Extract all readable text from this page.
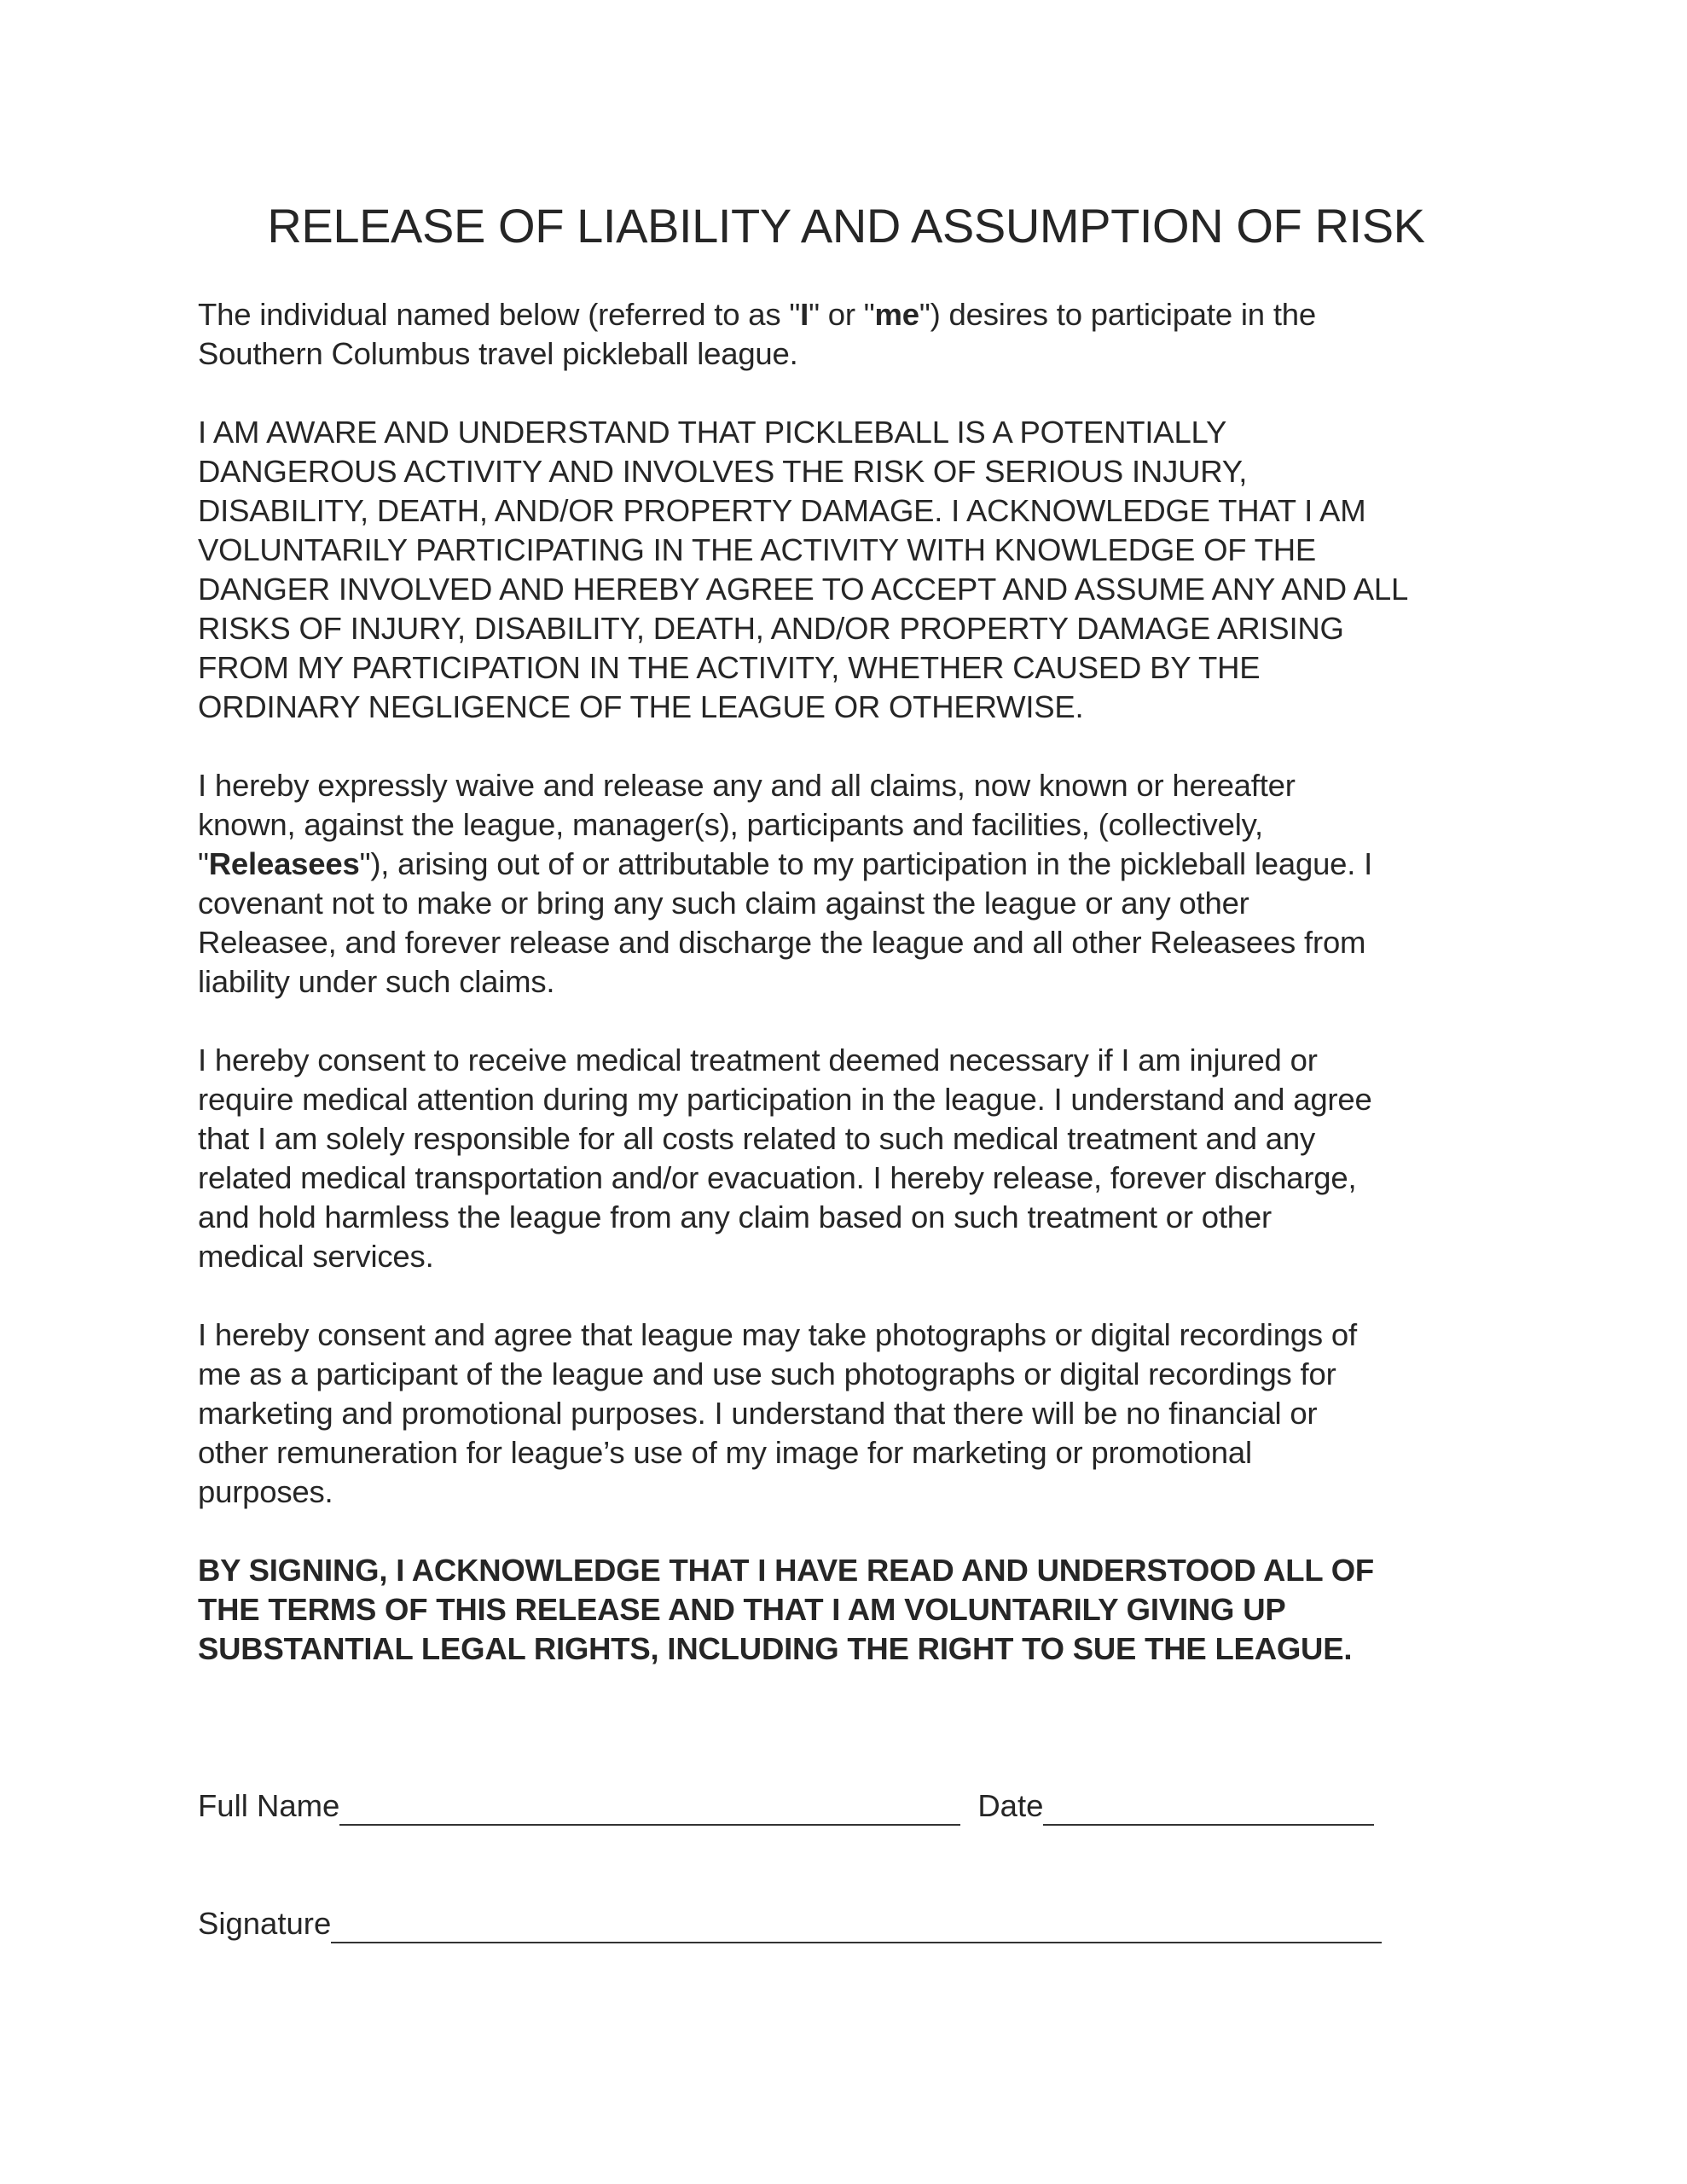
RELEASE OF LIABILITY AND ASSUMPTION OF RISK
The individual named below (referred to as "I" or "me") desires to participate in the
Southern Columbus travel pickleball league.
I AM AWARE AND UNDERSTAND THAT PICKLEBALL IS A POTENTIALLY
DANGEROUS ACTIVITY AND INVOLVES THE RISK OF SERIOUS INJURY,
DISABILITY, DEATH, AND/OR PROPERTY DAMAGE. I ACKNOWLEDGE THAT I AM
VOLUNTARILY PARTICIPATING IN THE ACTIVITY WITH KNOWLEDGE OF THE
DANGER INVOLVED AND HEREBY AGREE TO ACCEPT AND ASSUME ANY AND ALL
RISKS OF INJURY, DISABILITY, DEATH, AND/OR PROPERTY DAMAGE ARISING
FROM MY PARTICIPATION IN THE ACTIVITY, WHETHER CAUSED BY THE
ORDINARY NEGLIGENCE OF THE LEAGUE OR OTHERWISE.
I hereby expressly waive and release any and all claims, now known or hereafter
known, against the league, manager(s), participants and facilities, (collectively,
"Releasees"), arising out of or attributable to my participation in the pickleball league. I
covenant not to make or bring any such claim against the league or any other
Releasee, and forever release and discharge the league and all other Releasees from
liability under such claims.
I hereby consent to receive medical treatment deemed necessary if I am injured or
require medical attention during my participation in the league. I understand and agree
that I am solely responsible for all costs related to such medical treatment and any
related medical transportation and/or evacuation. I hereby release, forever discharge,
and hold harmless the league from any claim based on such treatment or other
medical services.
I hereby consent and agree that league may take photographs or digital recordings of
me as a participant of the league and use such photographs or digital recordings for
marketing and promotional purposes. I understand that there will be no financial or
other remuneration for league’s use of my image for marketing or promotional
purposes.
BY SIGNING, I ACKNOWLEDGE THAT I HAVE READ AND UNDERSTOOD ALL OF
THE TERMS OF THIS RELEASE AND THAT I AM VOLUNTARILY GIVING UP
SUBSTANTIAL LEGAL RIGHTS, INCLUDING THE RIGHT TO SUE THE LEAGUE.
Full Name	Date
Signature
